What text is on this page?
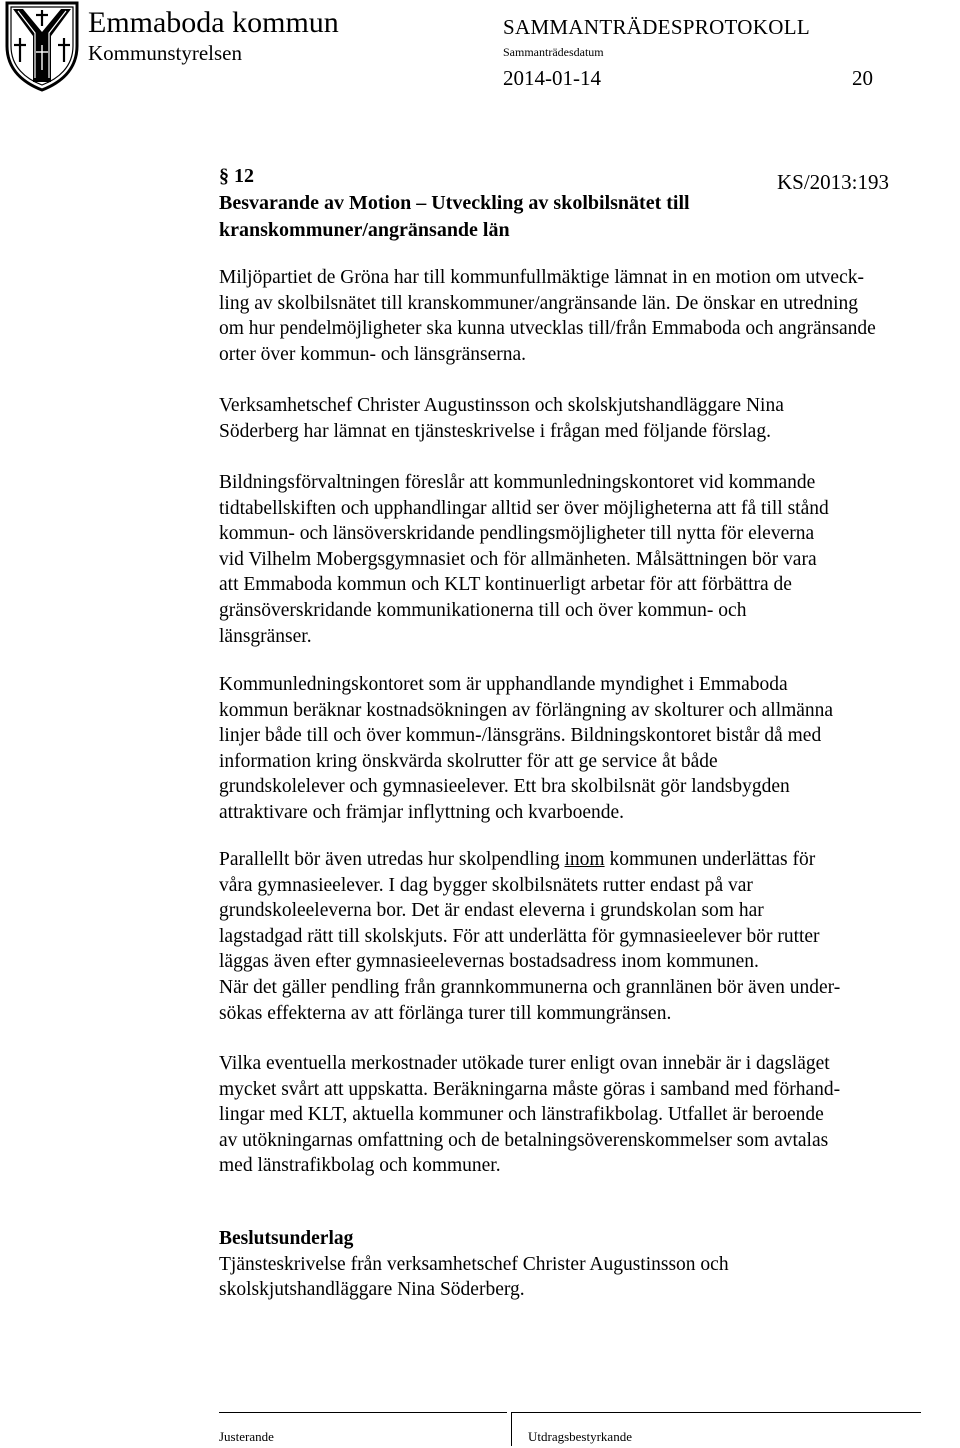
Emmaboda kommun
Kommunstyrelsen
SAMMANTRÄDESPROTOKOLL
Sammanträdesdatum
2014-01-14	20
KS/2013:193
§ 12
Besvarande av Motion – Utveckling av skolbilsnätet till
kranskommuner/angränsande län
Miljöpartiet de Gröna har till kommunfullmäktige lämnat in en motion om utveck-
ling av skolbilsnätet till kranskommuner/angränsande län. De önskar en utredning
om hur pendelmöjligheter ska kunna utvecklas till/från Emmaboda och angränsande
orter över kommun- och länsgränserna.
Verksamhetschef Christer Augustinsson och skolskjutshandläggare Nina
Söderberg har lämnat en tjänsteskrivelse i frågan med följande förslag.
Bildningsförvaltningen föreslår att kommunledningskontoret vid kommande
tidtabellskiften och upphandlingar alltid ser över möjligheterna att få till stånd
kommun- och länsöverskridande pendlingsmöjligheter till nytta för eleverna
vid Vilhelm Mobergsgymnasiet och för allmänheten. Målsättningen bör vara
att Emmaboda kommun och KLT kontinuerligt arbetar för att förbättra de
gränsöverskridande kommunikationerna till och över kommun- och
länsgränser.
Kommunledningskontoret som är upphandlande myndighet i Emmaboda
kommun beräknar kostnadsökningen av förlängning av skolturer och allmänna
linjer både till och över kommun-/länsgräns. Bildningskontoret bistår då med
information kring önskvärda skolrutter för att ge service åt både
grundskolelever och gymnasieelever. Ett bra skolbilsnät gör landsbygden
attraktivare och främjar inflyttning och kvarboende.
Parallellt bör även utredas hur skolpendling inom kommunen underlättas för
våra gymnasieelever. I dag bygger skolbilsnätets rutter endast på var
grundskoleeleverna bor. Det är endast eleverna i grundskolan som har
lagstadgad rätt till skolskjuts. För att underlätta för gymnasieelever bör rutter
läggas även efter gymnasieelevernas bostadsadress inom kommunen.
När det gäller pendling från grannkommunerna och grannlänen bör även under-
sökas effekterna av att förlänga turer till kommungränsen.
Vilka eventuella merkostnader utökade turer enligt ovan innebär är i dagsläget
mycket svårt att uppskatta. Beräkningarna måste göras i samband med förhand-
lingar med KLT, aktuella kommuner och länstrafikbolag. Utfallet är beroende
av utökningarnas omfattning och de betalningsöverenskommelser som avtalas
med länstrafikbolag och kommuner.
Beslutsunderlag
Tjänsteskrivelse från verksamhetschef Christer Augustinsson och
skolskjutshandläggare Nina Söderberg.
Justerande	Utdragsbestyrkande
